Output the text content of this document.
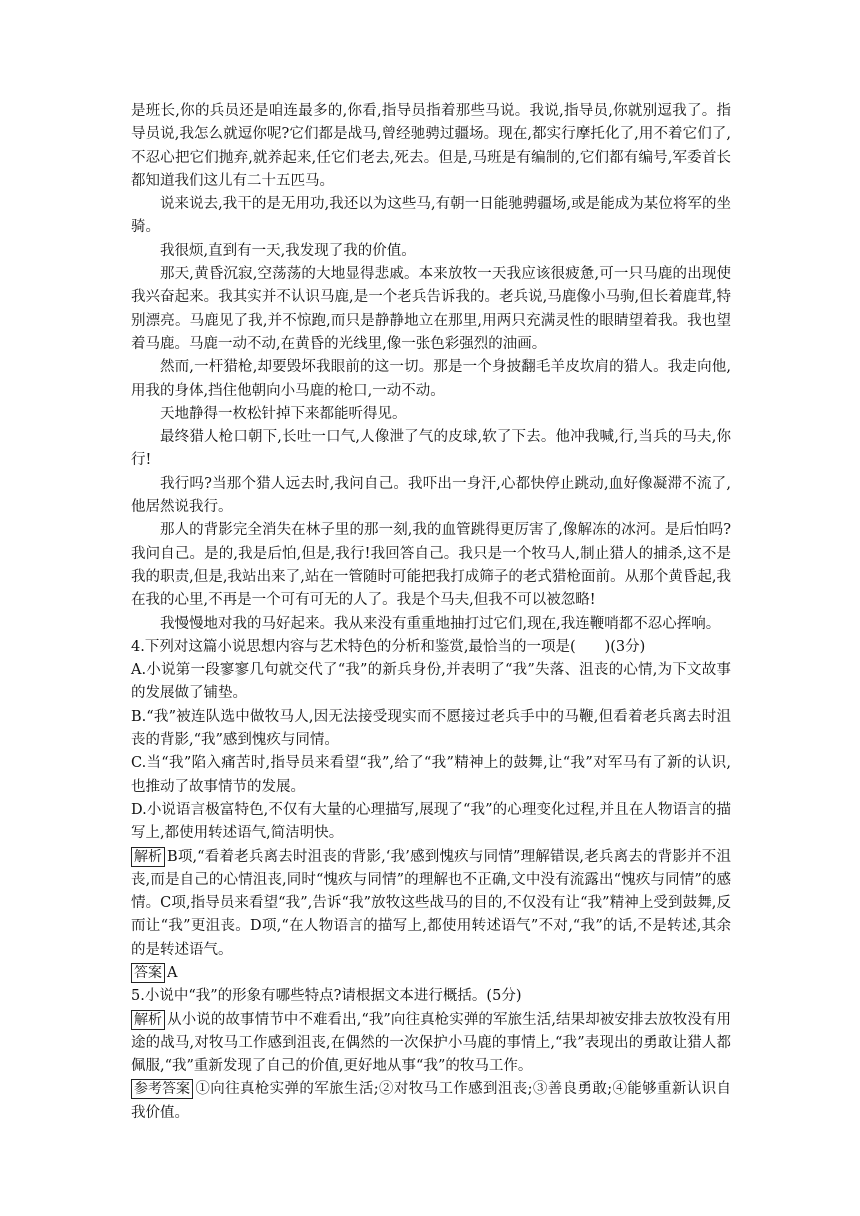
是班长,你的兵员还是咱连最多的,你看,指导员指着那些马说。我说,指导员,你就别逗我了。指导员说,我怎么就逗你呢?它们都是战马,曾经驰骋过疆场。现在,都实行摩托化了,用不着它们了,不忍心把它们抛弃,就养起来,任它们老去,死去。但是,马班是有编制的,它们都有编号,军委首长都知道我们这儿有二十五匹马。

说来说去,我干的是无用功,我还以为这些马,有朝一日能驰骋疆场,或是能成为某位将军的坐骑。

我很烦,直到有一天,我发现了我的价值。

那天,黄昏沉寂,空荡荡的大地显得悲戚。本来放牧一天我应该很疲惫,可一只马鹿的出现使我兴奋起来。我其实并不认识马鹿,是一个老兵告诉我的。老兵说,马鹿像小马驹,但长着鹿茸,特别漂亮。马鹿见了我,并不惊跑,而只是静静地立在那里,用两只充满灵性的眼睛望着我。我也望着马鹿。马鹿一动不动,在黄昏的光线里,像一张色彩强烈的油画。

然而,一杆猎枪,却要毁坏我眼前的这一切。那是一个身披翻毛羊皮坎肩的猎人。我走向他,用我的身体,挡住他朝向小马鹿的枪口,一动不动。

天地静得一枚松针掉下来都能听得见。

最终猎人枪口朝下,长吐一口气,人像泄了气的皮球,软了下去。他冲我喊,行,当兵的马夫,你行!

我行吗?当那个猎人远去时,我问自己。我吓出一身汗,心都快停止跳动,血好像凝滞不流了,他居然说我行。

那人的背影完全消失在林子里的那一刻,我的血管跳得更厉害了,像解冻的冰河。是后怕吗?我问自己。是的,我是后怕,但是,我行!我回答自己。我只是一个牧马人,制止猎人的捕杀,这不是我的职责,但是,我站出来了,站在一管随时可能把我打成筛子的老式猎枪面前。从那个黄昏起,我在我的心里,不再是一个可有可无的人了。我是个马夫,但我不可以被忽略!

我慢慢地对我的马好起来。我从来没有重重地抽打过它们,现在,我连鞭哨都不忍心挥响。

4.下列对这篇小说思想内容与艺术特色的分析和鉴赏,最恰当的一项是(　　)(3分)

A.小说第一段寥寥几句就交代了“我”的新兵身份,并表明了“我”失落、沮丧的心情,为下文故事的发展做了铺垫。

B.“我”被连队选中做牧马人,因无法接受现实而不愿接过老兵手中的马鞭,但看着老兵离去时沮丧的背影,“我”感到愧疚与同情。

C.当“我”陷入痛苦时,指导员来看望“我”,给了“我”精神上的鼓舞,让“我”对军马有了新的认识,也推动了故事情节的发展。

D.小说语言极富特色,不仅有大量的心理描写,展现了“我”的心理变化过程,并且在人物语言的描写上,都使用转述语气,简洁明快。

解析 B项,“看着老兵离去时沮丧的背影,‘我’感到愧疚与同情”理解错误,老兵离去的背影并不沮丧,而是自己的心情沮丧,同时“愧疚与同情”的理解也不正确,文中没有流露出“愧疚与同情”的感情。C项,指导员来看望“我”,告诉“我”放牧这些战马的目的,不仅没有让“我”精神上受到鼓舞,反而让“我”更沮丧。D项,“在人物语言的描写上,都使用转述语气”不对,“我”的话,不是转述,其余的是转述语气。

答案 A

5.小说中“我”的形象有哪些特点?请根据文本进行概括。(5分)

解析 从小说的故事情节中不难看出,“我”向往真枪实弹的军旅生活,结果却被安排去放牧没有用途的战马,对牧马工作感到沮丧,在偶然的一次保护小马鹿的事情上,“我”表现出的勇敢让猎人都佩服,“我”重新发现了自己的价值,更好地从事“我”的牧马工作。

参考答案 ①向往真枪实弹的军旅生活;②对牧马工作感到沮丧;③善良勇敢;④能够重新认识自我价值。
